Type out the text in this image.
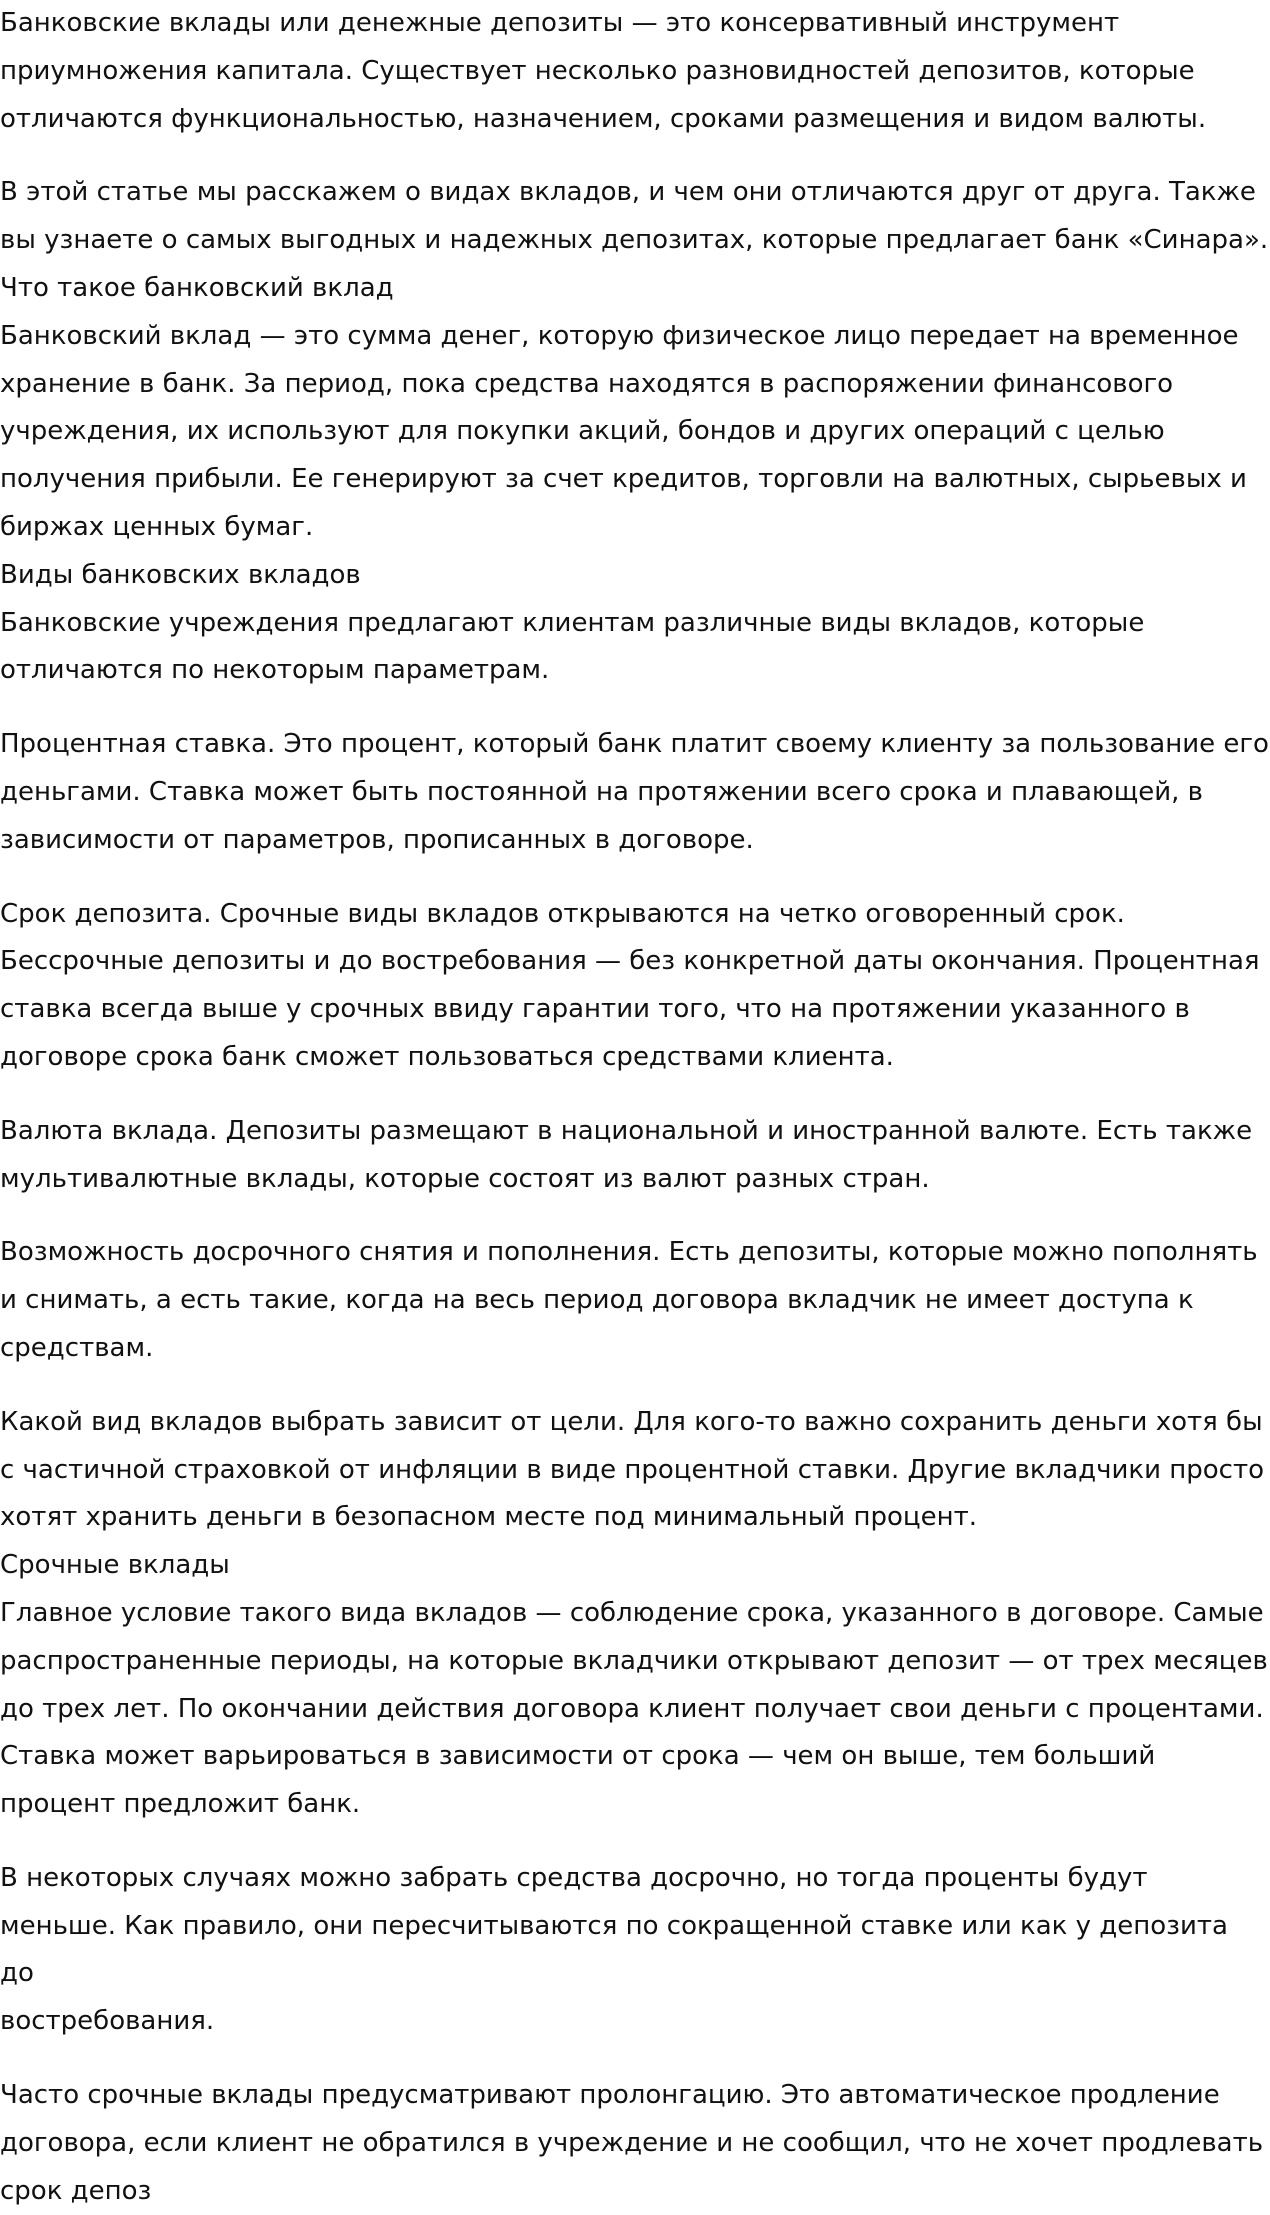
Банковские вклады или денежные депозиты — это консервативный инструмент
приумножения капитала. Существует несколько разновидностей депозитов, которые
отличаются функциональностью, назначением, сроками размещения и видом валюты.

В этой статье мы расскажем о видах вкладов, и чем они отличаются друг от друга. Также
вы узнаете о самых выгодных и надежных депозитах, которые предлагает банк «Синара».

Что такое банковский вклад

Банковский вклад — это сумма денег, которую физическое лицо передает на временное
хранение в банк. За период, пока средства находятся в распоряжении финансового
учреждения, их используют для покупки акций, бондов и других операций с целью
получения прибыли. Ее генерируют за счет кредитов, торговли на валютных, сырьевых и
биржах ценных бумаг.

Виды банковских вкладов

Банковские учреждения предлагают клиентам различные виды вкладов, которые
отличаются по некоторым параметрам.

Процентная ставка. Это процент, который банк платит своему клиенту за пользование его
деньгами. Ставка может быть постоянной на протяжении всего срока и плавающей, в
зависимости от параметров, прописанных в договоре.

Срок депозита. Срочные виды вкладов открываются на четко оговоренный срок.
Бессрочные депозиты и до востребования — без конкретной даты окончания. Процентная
ставка всегда выше у срочных ввиду гарантии того, что на протяжении указанного в
договоре срока банк сможет пользоваться средствами клиента.

Валюта вклада. Депозиты размещают в национальной и иностранной валюте. Есть также
мультивалютные вклады, которые состоят из валют разных стран.

Возможность досрочного снятия и пополнения. Есть депозиты, которые можно пополнять
и снимать, а есть такие, когда на весь период договора вкладчик не имеет доступа к
средствам.

Какой вид вкладов выбрать зависит от цели. Для кого-то важно сохранить деньги хотя бы
с частичной страховкой от инфляции в виде процентной ставки. Другие вкладчики просто
хотят хранить деньги в безопасном месте под минимальный процент.

Срочные вклады

Главное условие такого вида вкладов — соблюдение срока, указанного в договоре. Самые
распространенные периоды, на которые вкладчики открывают депозит — от трех месяцев
до трех лет. По окончании действия договора клиент получает свои деньги с процентами.
Ставка может варьироваться в зависимости от срока — чем он выше, тем больший
процент предложит банк.

В некоторых случаях можно забрать средства досрочно, но тогда проценты будут
меньше. Как правило, они пересчитываются по сокращенной ставке или как у депозита до
востребования.

Часто срочные вклады предусматривают пролонгацию. Это автоматическое продление
договора, если клиент не обратился в учреждение и не сообщил, что не хочет продлевать
срок депоз
